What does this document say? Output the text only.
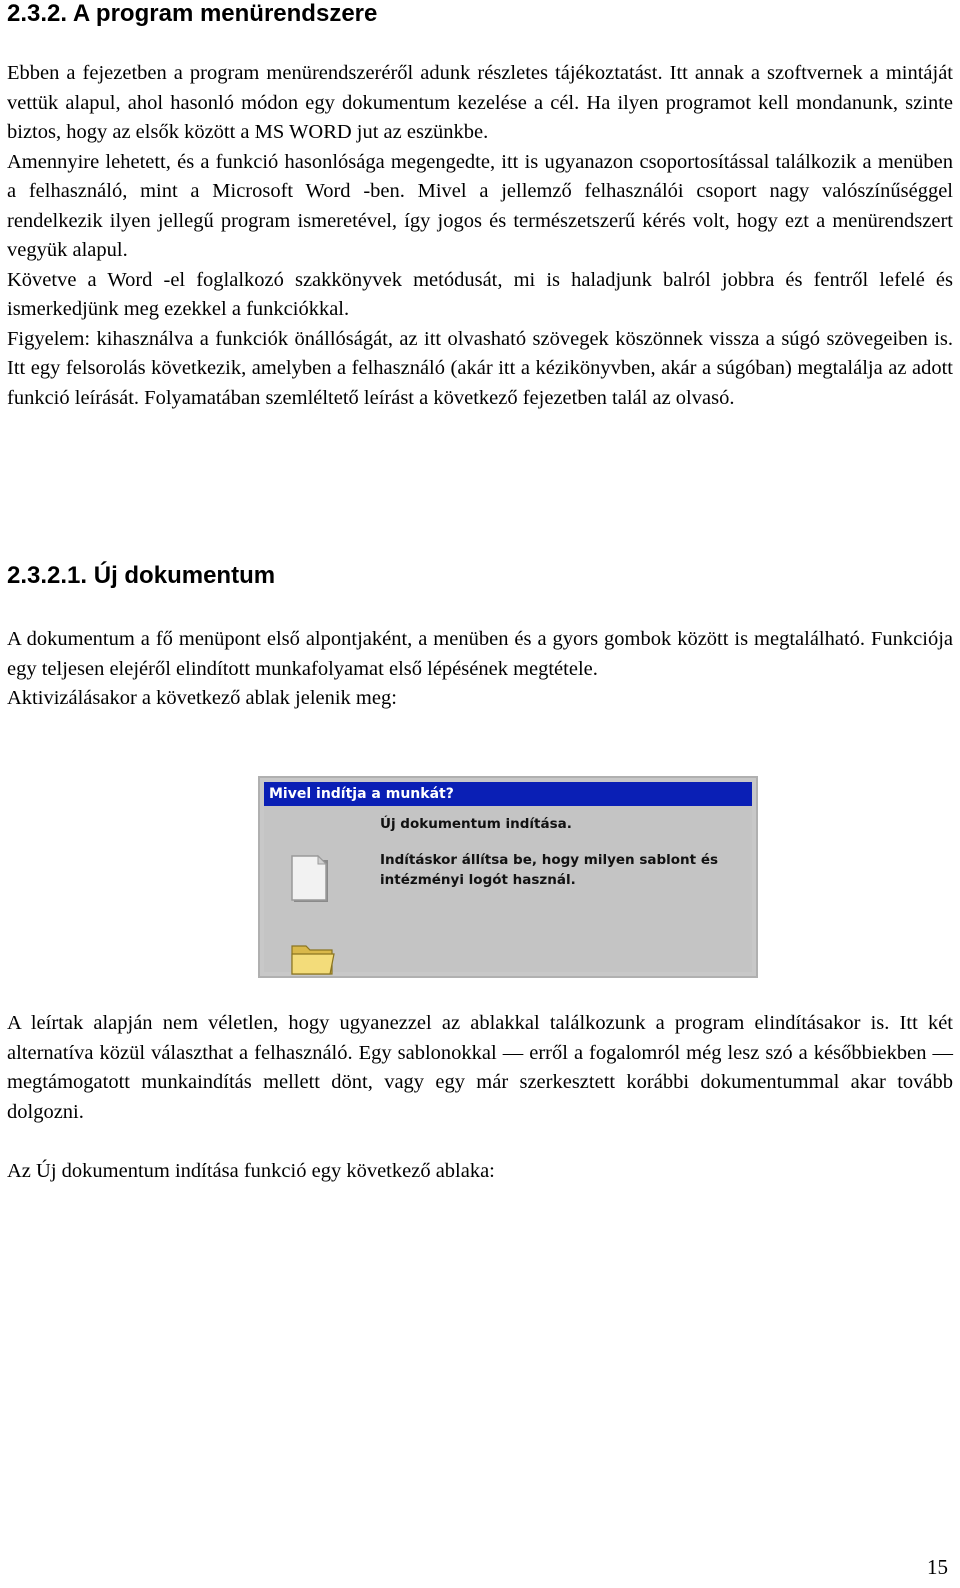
2.3.2. A program menürendszere

Ebben a fejezetben a program menürendszeréről adunk részletes tájékoztatást. Itt annak a szoftvernek a mintáját vettük alapul, ahol hasonló módon egy dokumentum kezelése a cél. Ha ilyen programot kell mondanunk, szinte biztos, hogy az elsők között a MS WORD jut az eszünkbe.

Amennyire lehetett, és a funkció hasonlósága megengedte, itt is ugyanazon csoportosítással találkozik a menüben a felhasználó, mint a Microsoft Word -ben. Mivel a jellemző felhasználói csoport nagy valószínűséggel rendelkezik ilyen jellegű program ismeretével, így jogos és természetszerű kérés volt, hogy ezt a menürendszert vegyük alapul.

Követve a Word -el foglalkozó szakkönyvek metódusát, mi is haladjunk balról jobbra és fentről lefelé és ismerkedjünk meg ezekkel a funkciókkal.

Figyelem: kihasználva a funkciók önállóságát, az itt olvasható szövegek köszönnek vissza a súgó szövegeiben is. Itt egy felsorolás következik, amelyben a felhasználó (akár itt a kézikönyvben, akár a súgóban) megtalálja az adott funkció leírását. Folyamatában szemléltető leírást a következő fejezetben talál az olvasó.

2.3.2.1. Új dokumentum

A dokumentum a fő menüpont első alpontjaként, a menüben és a gyors gombok között is megtalálható. Funkciója egy teljesen elejéről elindított munkafolyamat első lépésének megtétele.

Aktivizálásakor a következő ablak jelenik meg:

A leírtak alapján nem véletlen, hogy ugyanezzel az ablakkal találkozunk a program elindításakor is. Itt két alternatíva közül választhat a felhasználó. Egy sablonokkal — erről a fogalomról még lesz szó a későbbiekben — megtámogatott munkaindítás mellett dönt, vagy egy már szerkesztett korábbi dokumentummal akar tovább dolgozni.

Az Új dokumentum indítása funkció egy következő ablaka:

Mivel indítja a munkát?
Új dokumentum indítása.
Indításkor állítsa be, hogy milyen sablont és
intézményi logót használ.
15
